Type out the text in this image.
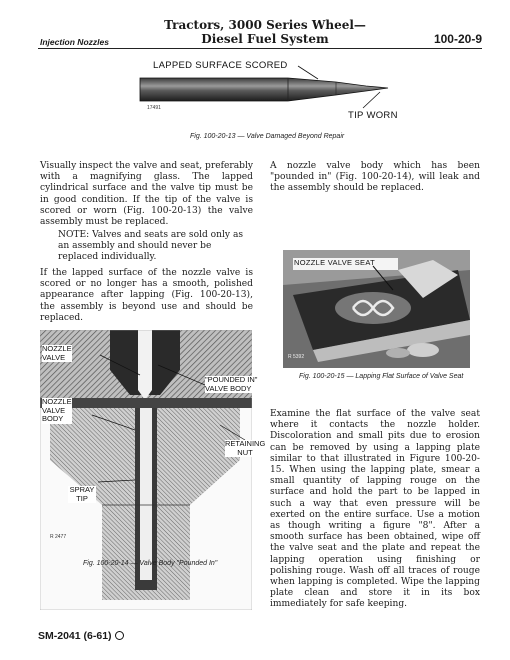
Injection Nozzles
Tractors, 3000 Series Wheel—
Diesel Fuel System	100-20-9
LAPPED SURFACE SCORED
TIP WORN
17491
Fig. 100-20-13 — Valve Damaged Beyond Repair
Visually inspect the valve and seat, preferably with a magnifying glass. The lapped cylindrical surface and the valve tip must be in good condition. If the tip of the valve is scored or worn (Fig. 100-20-13) the valve assembly must be replaced.
NOTE: Valves and seats are sold only as an assembly and should never be replaced individually.
If the lapped surface of the nozzle valve is scored or no longer has a smooth, polished appearance after lapping (Fig. 100-20-13), the assembly is beyond use and should be replaced.
A nozzle valve body which has been "pounded in" (Fig. 100-20-14), will leak and the assembly should be replaced.
NOZZLE VALVE SEAT
R 5392
Fig. 100-20-15 — Lapping Flat Surface of Valve Seat
NOZZLE VALVE
"POUNDED IN" VALVE BODY
NOZZLE VALVE BODY
RETAINING NUT
SPRAY TIP
R 2477
Fig. 100-20-14 — Valve Body "Pounded In"
Examine the flat surface of the valve seat where it contacts the nozzle holder. Discoloration and small pits due to erosion can be removed by using a lapping plate similar to that illustrated in Figure 100-20-15. When using the lapping plate, smear a small quantity of lapping rouge on the surface and hold the part to be lapped in such a way that even pressure will be exerted on the entire surface. Use a motion as though writing a figure "8". After a smooth surface has been obtained, wipe off the valve seat and the plate and repeat the lapping operation using finishing or polishing rouge. Wash off all traces of rouge when lapping is completed. Wipe the lapping plate clean and store it in its box immediately for safe keeping.
SM-2041 (6-61)
